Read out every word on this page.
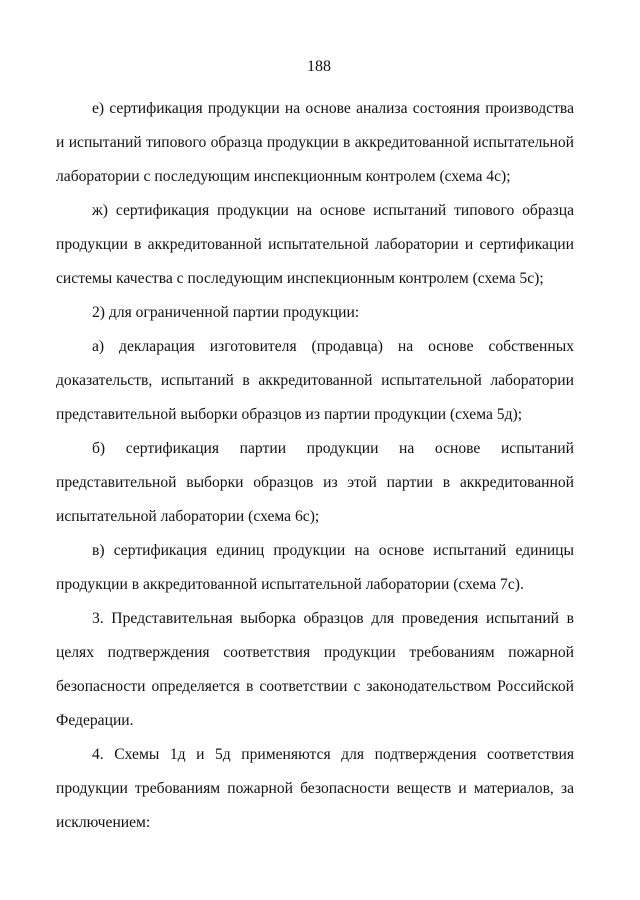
188

е) сертификация продукции на основе анализа состояния производства и испытаний типового образца продукции в аккредитованной испытательной лаборатории с последующим инспекционным контролем (схема 4с);

ж) сертификация продукции на основе испытаний типового образца продукции в аккредитованной испытательной лаборатории и сертификации системы качества с последующим инспекционным контролем (схема 5с);

2) для ограниченной партии продукции:

а) декларация изготовителя (продавца) на основе собственных доказательств, испытаний в аккредитованной испытательной лаборатории представительной выборки образцов из партии продукции (схема 5д);

б) сертификация партии продукции на основе испытаний представительной выборки образцов из этой партии в аккредитованной испытательной лаборатории (схема 6с);

в) сертификация единиц продукции на основе испытаний единицы продукции в аккредитованной испытательной лаборатории (схема 7с).

3. Представительная выборка образцов для проведения испытаний в целях подтверждения соответствия продукции требованиям пожарной безопасности определяется в соответствии с законодательством Российской Федерации.

4. Схемы 1д и 5д применяются для подтверждения соответствия продукции требованиям пожарной безопасности веществ и материалов, за исключением:
